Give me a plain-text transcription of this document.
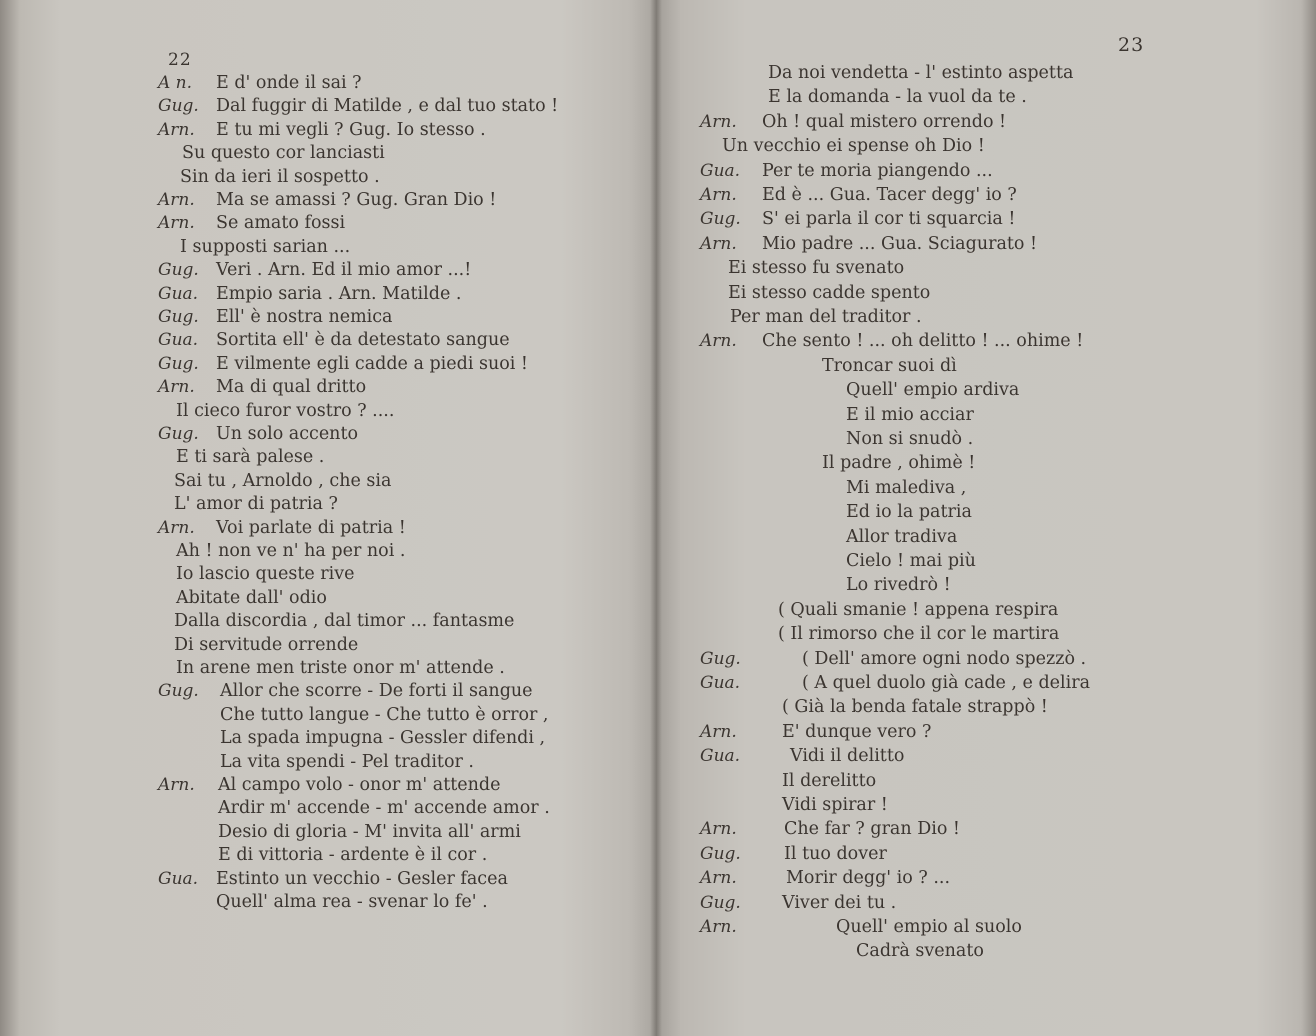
22
A n. E d' onde il sai ?
Gug. Dal fuggir di Matilde , e dal tuo stato !
Arn. E tu mi vegli ? Gug. Io stesso .
Su questo cor lanciasti
Sin da ieri il sospetto .
Arn. Ma se amassi ? Gug. Gran Dio !
Arn. Se amato fossi
I supposti sarian ...
Gug. Veri . Arn. Ed il mio amor ...!
Gua. Empio saria . Arn. Matilde .
Gug. Ell' è nostra nemica
Gua. Sortita ell' è da detestato sangue
Gug. E vilmente egli cadde a piedi suoi !
Arn. Ma di qual dritto
Il cieco furor vostro ? ....
Gug. Un solo accento
E ti sarà palese .
Sai tu , Arnoldo , che sia
L' amor di patria ?
Arn. Voi parlate di patria !
Ah ! non ve n' ha per noi .
Io lascio queste rive
Abitate dall' odio
Dalla discordia , dal timor ... fantasme
Di servitude orrende
In arene men triste onor m' attende .
Gug. Allor che scorre - De forti il sangue
Che tutto langue - Che tutto è orror ,
La spada impugna - Gessler difendi ,
La vita spendi - Pel traditor .
Arn. Al campo volo - onor m' attende
Ardir m' accende - m' accende amor .
Desio di gloria - M' invita all' armi
E di vittoria - ardente è il cor .
Gua. Estinto un vecchio - Gesler facea
Quell' alma rea - svenar lo fe' .
23
Da noi vendetta - l' estinto aspetta
E la domanda - la vuol da te .
Arn. Oh ! qual mistero orrendo !
Un vecchio ei spense oh Dio !
Gua. Per te moria piangendo ...
Arn. Ed è ... Gua. Tacer degg' io ?
Gug. S' ei parla il cor ti squarcia !
Arn. Mio padre ... Gua. Sciagurato !
Ei stesso fu svenato
Ei stesso cadde spento
Per man del traditor .
Arn. Che sento ! ... oh delitto ! ... ohime !
Troncar suoi dì
Quell' empio ardiva
E il mio acciar
Non si snudò .
Il padre , ohimè !
Mi malediva ,
Ed io la patria
Allor tradiva
Cielo ! mai più
Lo rivedrò !
( Quali smanie ! appena respira
( Il rimorso che il cor le martira
Gug.	( Dell' amore ogni nodo spezzò .
Gua.	( A quel duolo già cade , e delira
( Già la benda fatale strappò !
Arn.	E' dunque vero ?
Gua.	Vidi il delitto
Il derelitto
Vidi spirar !
Arn.	Che far ? gran Dio !
Gug. Il tuo dover
Arn.	Morir degg' io ? ...
Gug. Viver dei tu .
Arn.	Quell' empio al suolo
Cadrà svenato
